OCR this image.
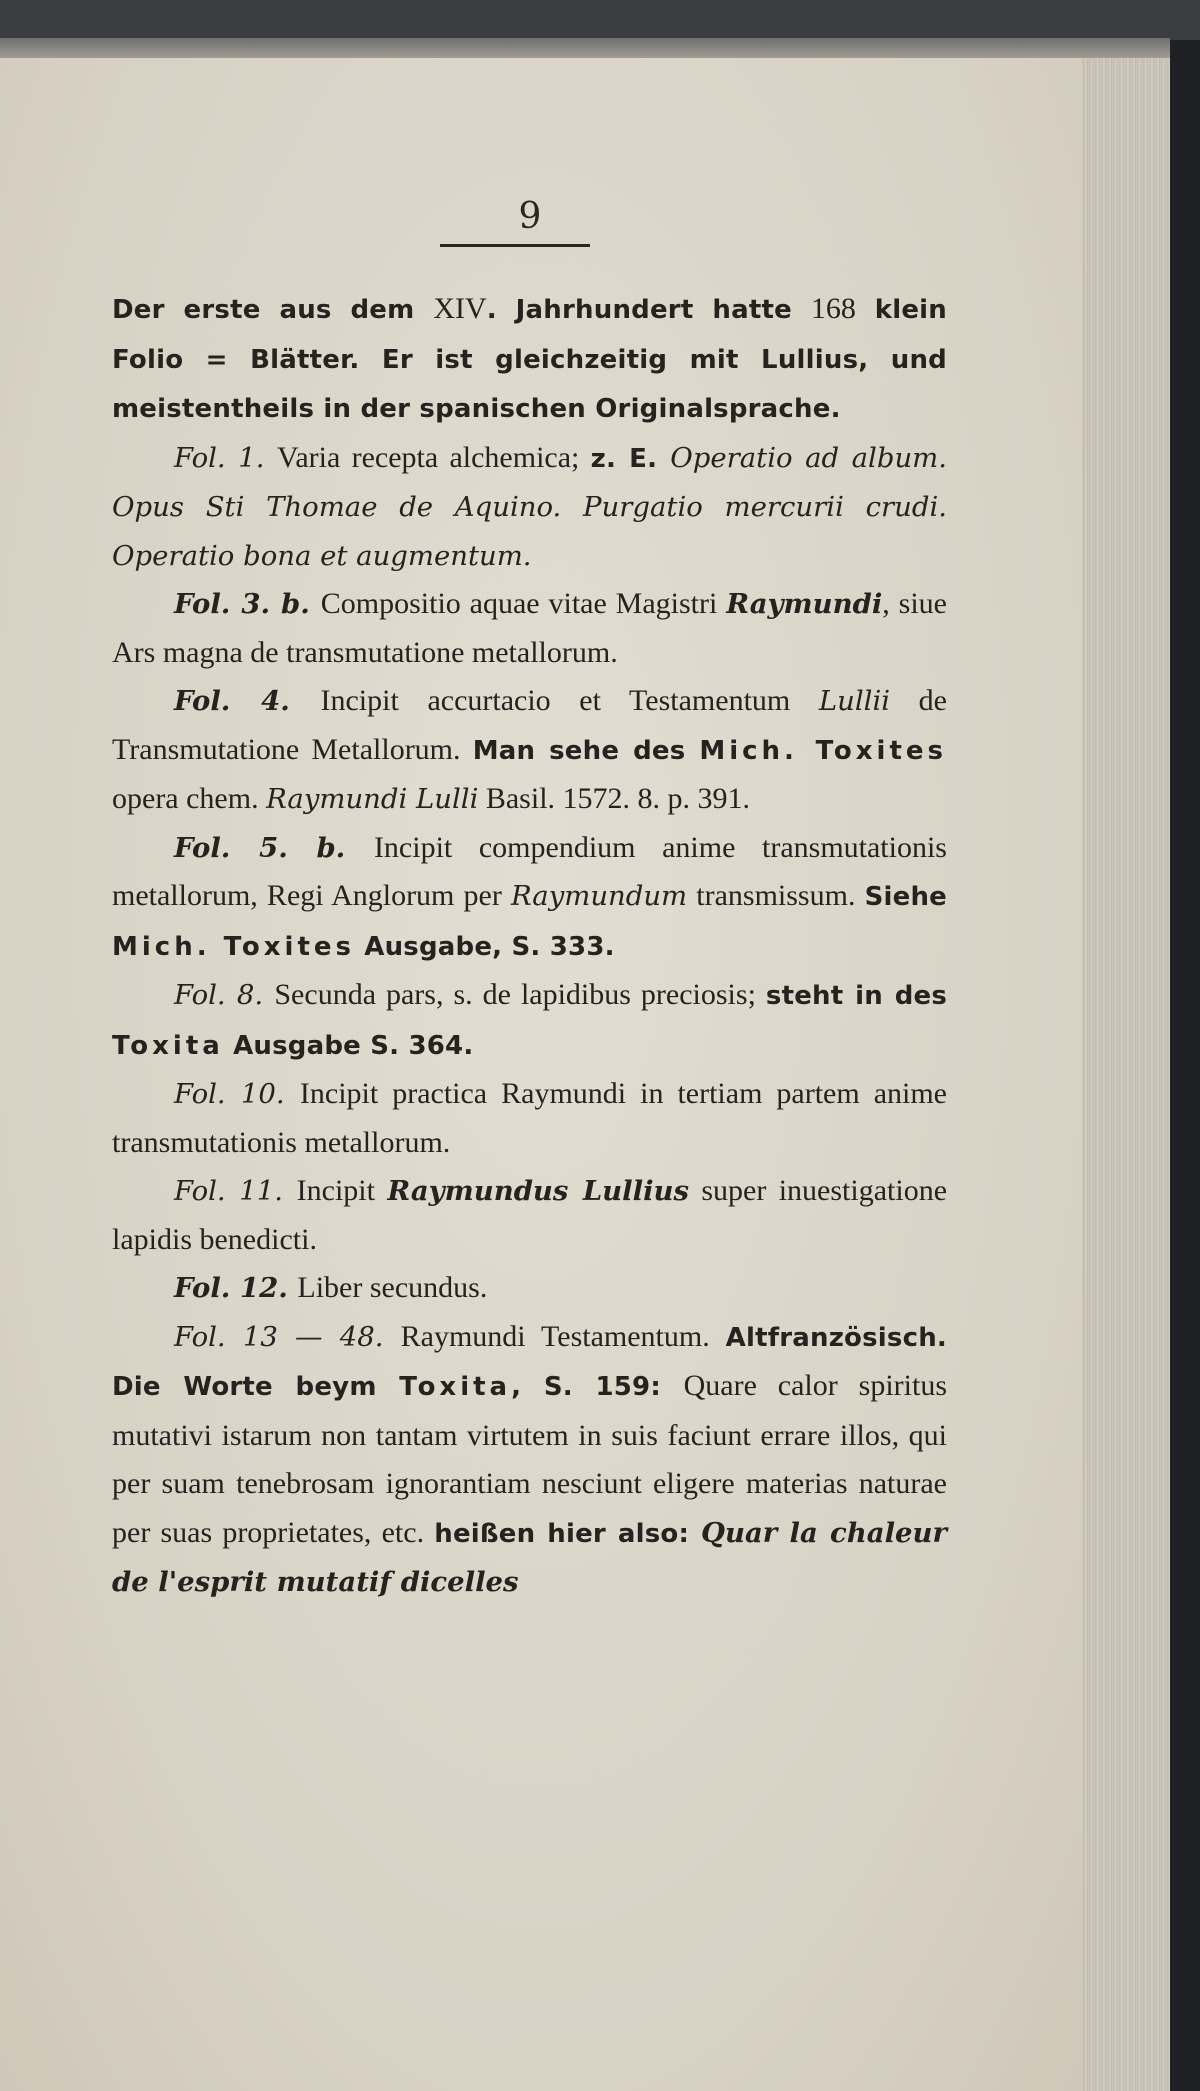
9

Der erste aus dem XIV. Jahrhundert hatte 168 klein Folio = Blätter. Er ist gleichzeitig mit Lullius, und meistentheils in der spanischen Originalsprache.

Fol. 1. Varia recepta alchemica; z. E. Operatio ad album. Opus Sti Thomae de Aquino. Purgatio mercurii crudi. Operatio bona et augmentum.

Fol. 3. b. Compositio aquae vitae Magistri Raymundi, siue Ars magna de transmutatione metallorum.

Fol. 4. Incipit accurtacio et Testamentum Lullii de Transmutatione Metallorum. Man sehe des Mich. Toxites opera chem. Raymundi Lulli Basil. 1572. 8. p. 391.

Fol. 5. b. Incipit compendium anime transmutationis metallorum, Regi Anglorum per Raymundum transmissum. Siehe Mich. Toxites Ausgabe, S. 333.

Fol. 8. Secunda pars, s. de lapidibus preciosis; steht in des Toxita Ausgabe S. 364.

Fol. 10. Incipit practica Raymundi in tertiam partem anime transmutationis metallorum.

Fol. 11. Incipit Raymundus Lullius super inuestigatione lapidis benedicti.

Fol. 12. Liber secundus.

Fol. 13 — 48. Raymundi Testamentum. Altfranzösisch. Die Worte beym Toxita, S. 159: Quare calor spiritus mutativi istarum non tantam virtutem in suis faciunt errare illos, qui per suam tenebrosam ignorantiam nesciunt eligere materias naturae per suas proprietates, etc. heißen hier also: Quar la chaleur de l'esprit mutatif dicelles
